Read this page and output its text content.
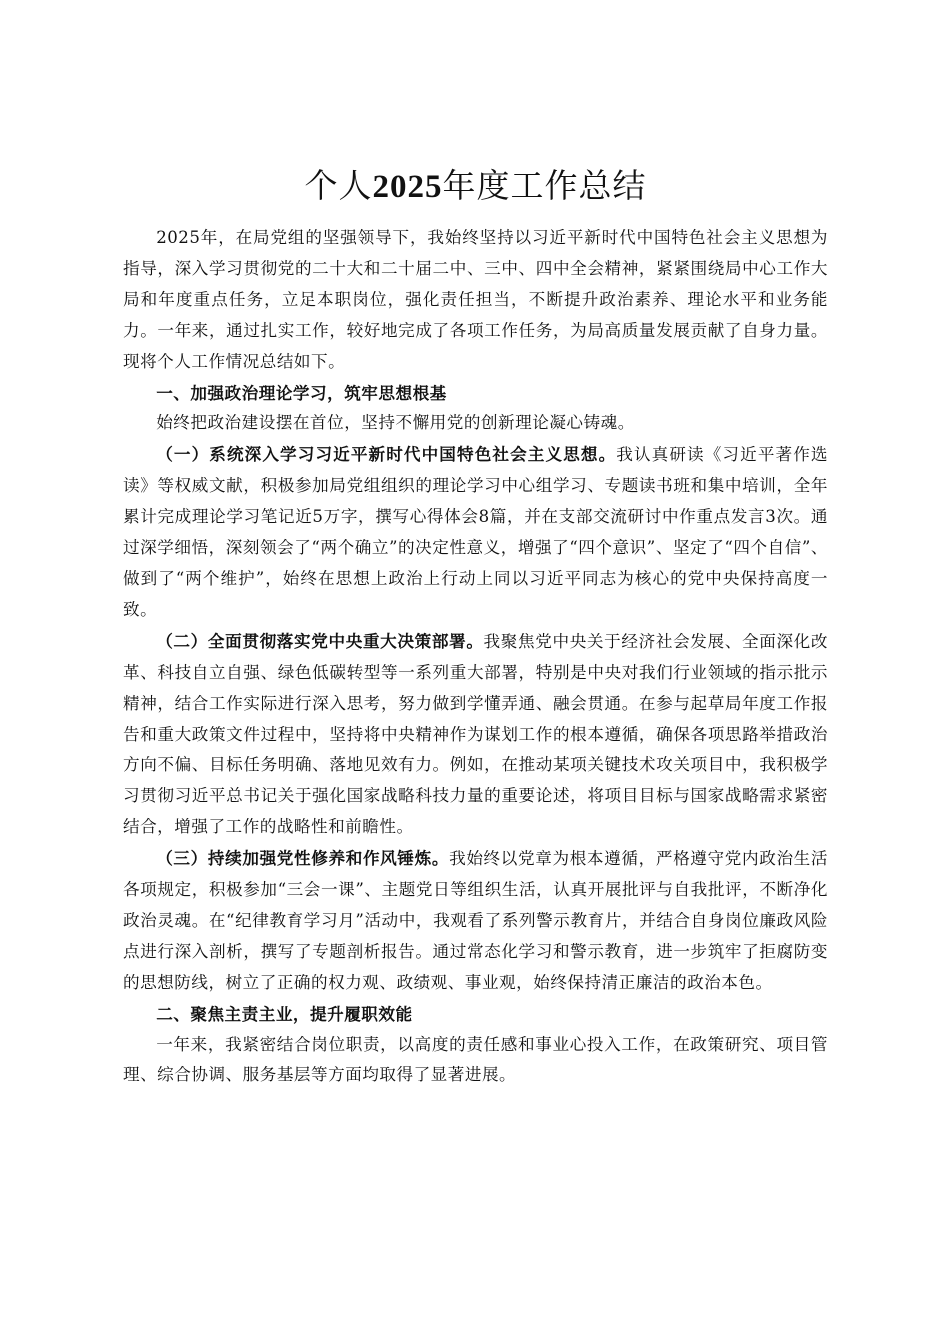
个人2025年度工作总结

2025年，在局党组的坚强领导下，我始终坚持以习近平新时代中国特色社会主义思想为指导，深入学习贯彻党的二十大和二十届二中、三中、四中全会精神，紧紧围绕局中心工作大局和年度重点任务，立足本职岗位，强化责任担当，不断提升政治素养、理论水平和业务能力。一年来，通过扎实工作，较好地完成了各项工作任务，为局高质量发展贡献了自身力量。现将个人工作情况总结如下。

一、加强政治理论学习，筑牢思想根基

始终把政治建设摆在首位，坚持不懈用党的创新理论凝心铸魂。

（一）系统深入学习习近平新时代中国特色社会主义思想。我认真研读《习近平著作选读》等权威文献，积极参加局党组组织的理论学习中心组学习、专题读书班和集中培训，全年累计完成理论学习笔记近5万字，撰写心得体会8篇，并在支部交流研讨中作重点发言3次。通过深学细悟，深刻领会了“两个确立”的决定性意义，增强了“四个意识”、坚定了“四个自信”、做到了“两个维护”，始终在思想上政治上行动上同以习近平同志为核心的党中央保持高度一致。

（二）全面贯彻落实党中央重大决策部署。我聚焦党中央关于经济社会发展、全面深化改革、科技自立自强、绿色低碳转型等一系列重大部署，特别是中央对我们行业领域的指示批示精神，结合工作实际进行深入思考，努力做到学懂弄通、融会贯通。在参与起草局年度工作报告和重大政策文件过程中，坚持将中央精神作为谋划工作的根本遵循，确保各项思路举措政治方向不偏、目标任务明确、落地见效有力。例如，在推动某项关键技术攻关项目中，我积极学习贯彻习近平总书记关于强化国家战略科技力量的重要论述，将项目目标与国家战略需求紧密结合，增强了工作的战略性和前瞻性。

（三）持续加强党性修养和作风锤炼。我始终以党章为根本遵循，严格遵守党内政治生活各项规定，积极参加“三会一课”、主题党日等组织生活，认真开展批评与自我批评，不断净化政治灵魂。在“纪律教育学习月”活动中，我观看了系列警示教育片，并结合自身岗位廉政风险点进行深入剖析，撰写了专题剖析报告。通过常态化学习和警示教育，进一步筑牢了拒腐防变的思想防线，树立了正确的权力观、政绩观、事业观，始终保持清正廉洁的政治本色。

二、聚焦主责主业，提升履职效能

一年来，我紧密结合岗位职责，以高度的责任感和事业心投入工作，在政策研究、项目管理、综合协调、服务基层等方面均取得了显著进展。
